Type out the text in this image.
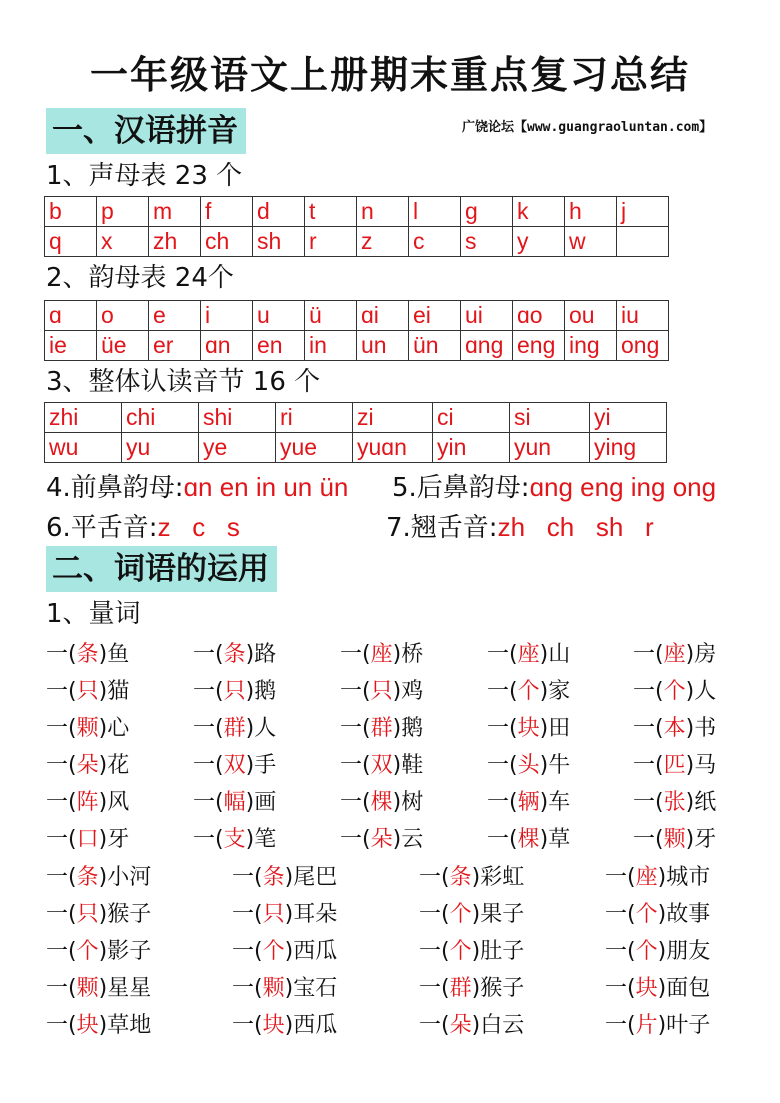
一年级语文上册期末重点复习总结
一、汉语拼音	广饶论坛【www.guangraoluntan.com】
1、声母表 23 个
b	p	m	f	d	t	n	l	g	k	h	j
q	x	zh	ch	sh	r	z	c	s	y	w	
2、韵母表 24个
ɑ	o	e	i	u	ü	ɑi	ei	ui	ɑo	ou	iu
ie	üe	er	ɑn	en	in	un	ün	ɑng	eng	ing	ong
3、整体认读音节 16 个
zhi	chi	shi	ri	zi	ci	si	yi
wu	yu	ye	yue	yuɑn	yin	yun	ying
4.前鼻韵母:ɑn en in un ün 5.后鼻韵母:ɑng eng ing ong
6.平舌音:z   c   s	7.翘舌音:zh   ch   sh   r
二、词语的运用
1、量词
一(条)鱼	一(条)路	一(座)桥	一(座)山	一(座)房
一(只)猫	一(只)鹅	一(只)鸡	一(个)家	一(个)人
一(颗)心	一(群)人	一(群)鹅	一(块)田	一(本)书
一(朵)花	一(双)手	一(双)鞋	一(头)牛	一(匹)马
一(阵)风	一(幅)画	一(棵)树	一(辆)车	一(张)纸
一(口)牙	一(支)笔	一(朵)云	一(棵)草	一(颗)牙
一(条)小河	一(条)尾巴	一(条)彩虹	一(座)城市
一(只)猴子	一(只)耳朵	一(个)果子	一(个)故事
一(个)影子	一(个)西瓜	一(个)肚子	一(个)朋友
一(颗)星星	一(颗)宝石	一(群)猴子	一(块)面包
一(块)草地	一(块)西瓜	一(朵)白云	一(片)叶子
